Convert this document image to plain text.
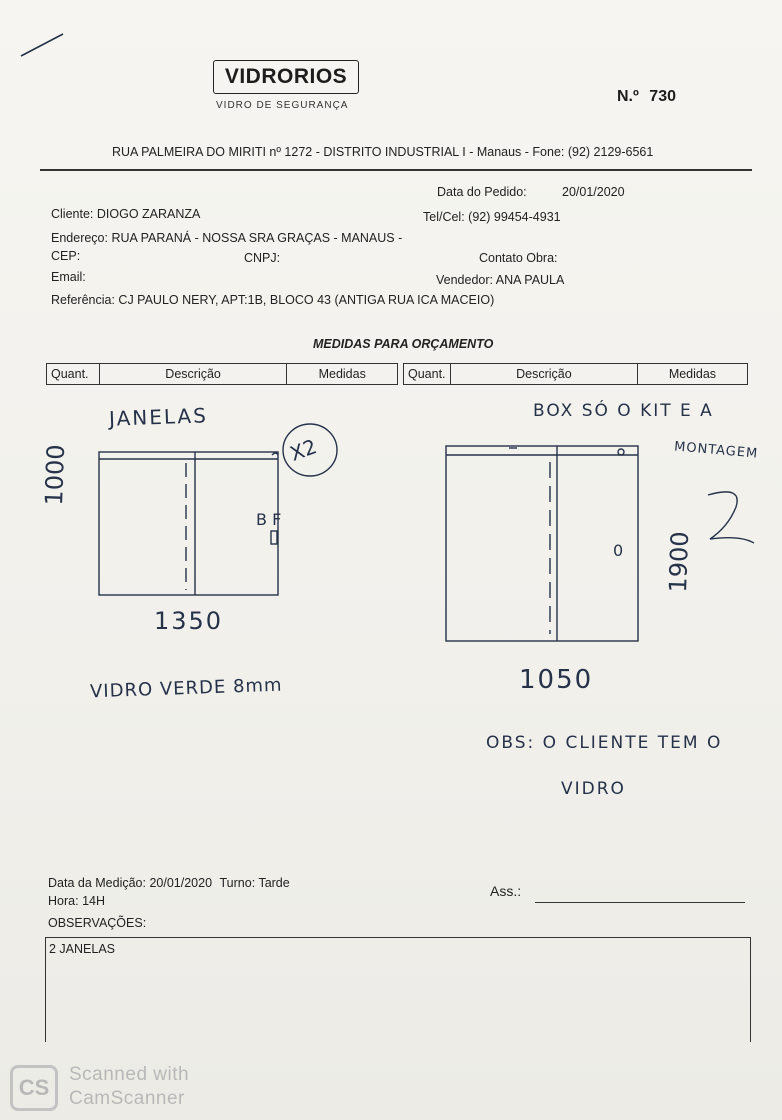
VIDRORIOS
VIDRO DE SEGURANÇA
N.º 730
RUA PALMEIRA DO MIRITI nº 1272 - DISTRITO INDUSTRIAL I - Manaus - Fone: (92) 2129-6561
Data do Pedido:	20/01/2020
Cliente: DIOGO ZARANZA	Tel/Cel: (92) 99454-4931
Endereço: RUA PARANÁ - NOSSA SRA GRAÇAS - MANAUS -
CEP:	CNPJ:	Contato Obra:
Email:	Vendedor: ANA PAULA
Referência: CJ PAULO NERY, APT:1B, BLOCO 43 (ANTIGA RUA ICA MACEIO)
MEDIDAS PARA ORÇAMENTO
Quant.	Descrição	Medidas	Quant.	Descrição	Medidas
JANELAS
X2
1000
B F
1350
VIDRO VERDE 8mm
BOX SÓ O KIT E A
MONTAGEM
1900
0
1050
OBS: O CLIENTE TEM O
VIDRO
Data da Medição: 20/01/2020 Turno: Tarde
Hora: 14H
Ass.:
OBSERVAÇÕES:
2 JANELAS
CS
Scanned with
CamScanner
